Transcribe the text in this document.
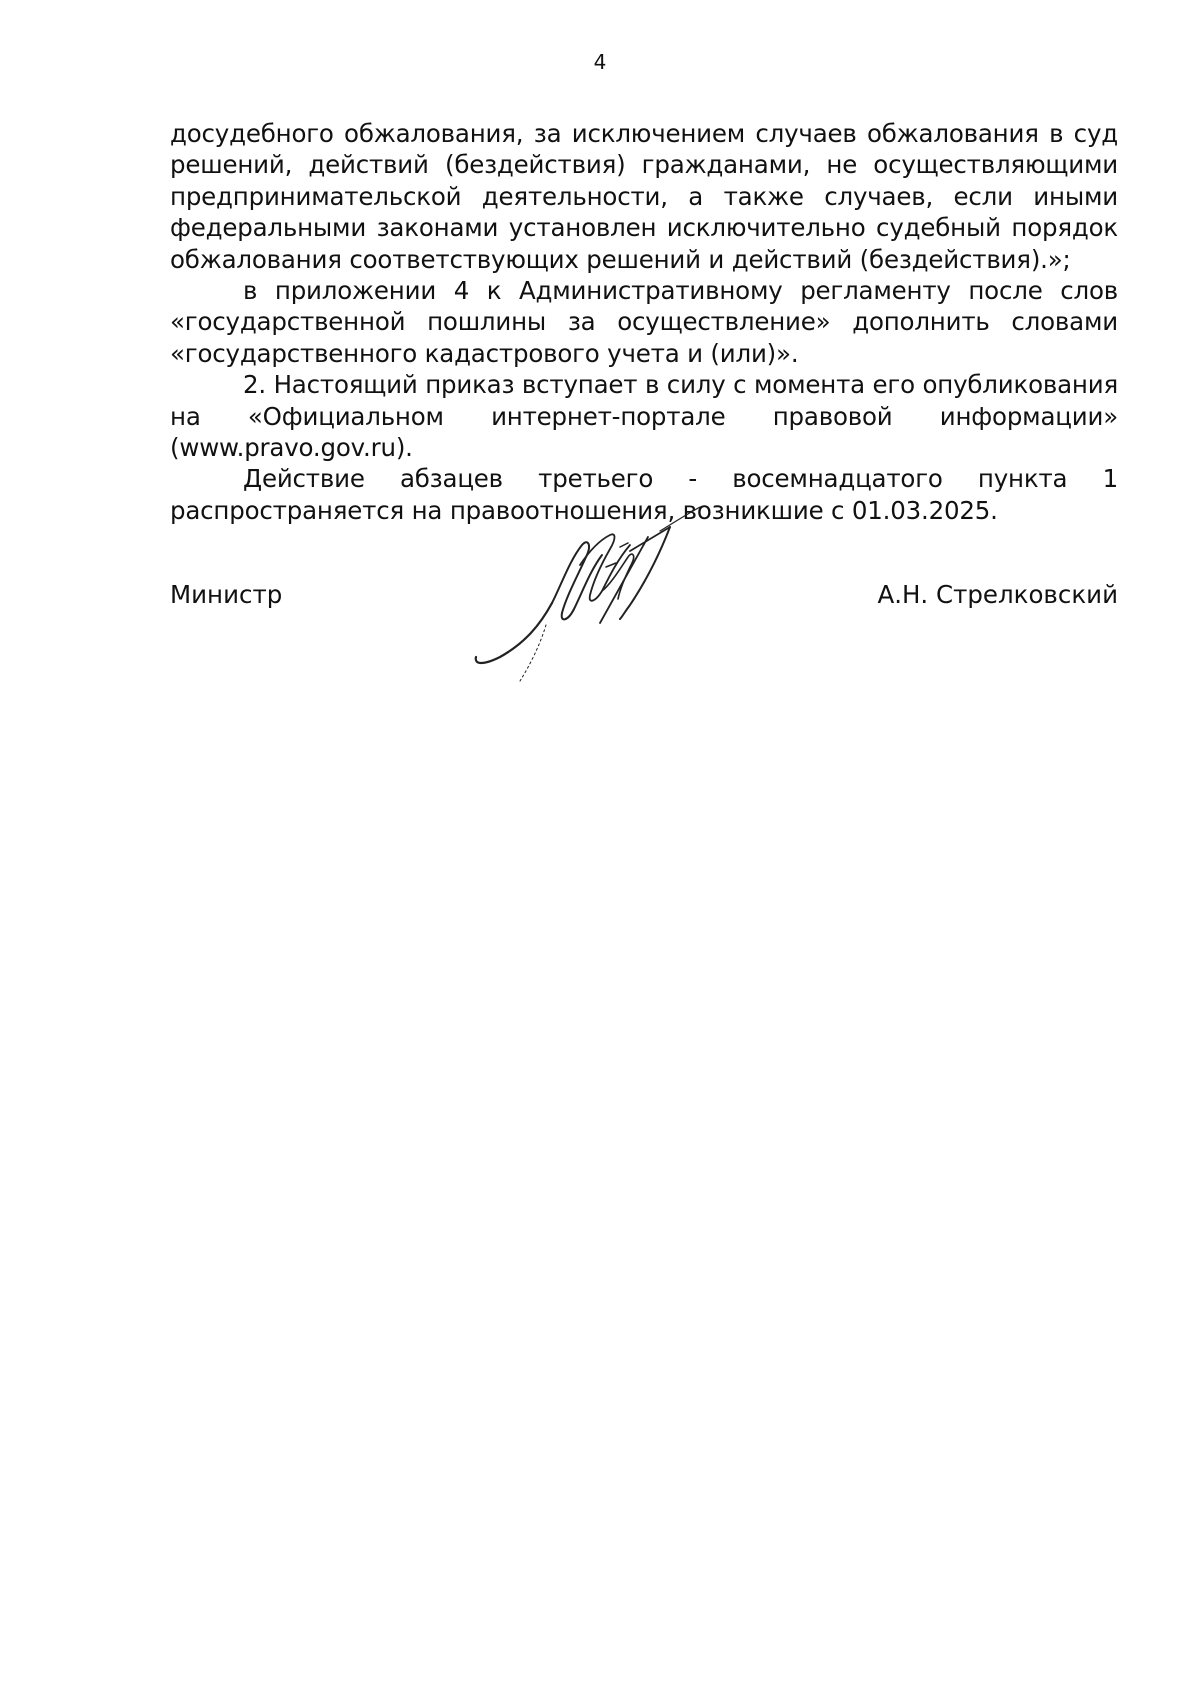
4

досудебного обжалования, за исключением случаев обжалования в суд решений, действий (бездействия) гражданами, не осуществляющими предпринимательской деятельности, а также случаев, если иными федеральными законами установлен исключительно судебный порядок обжалования соответствующих решений и действий (бездействия).»;

в приложении 4 к Административному регламенту после слов «государственной пошлины за осуществление» дополнить словами «государственного кадастрового учета и (или)».

2. Настоящий приказ вступает в силу с момента его опубликования на «Официальном интернет-портале правовой информации» (www.pravo.gov.ru).

Действие абзацев третьего - восемнадцатого пункта 1 распространяется на правоотношения, возникшие с 01.03.2025.

Министр	А.Н. Стрелковский
